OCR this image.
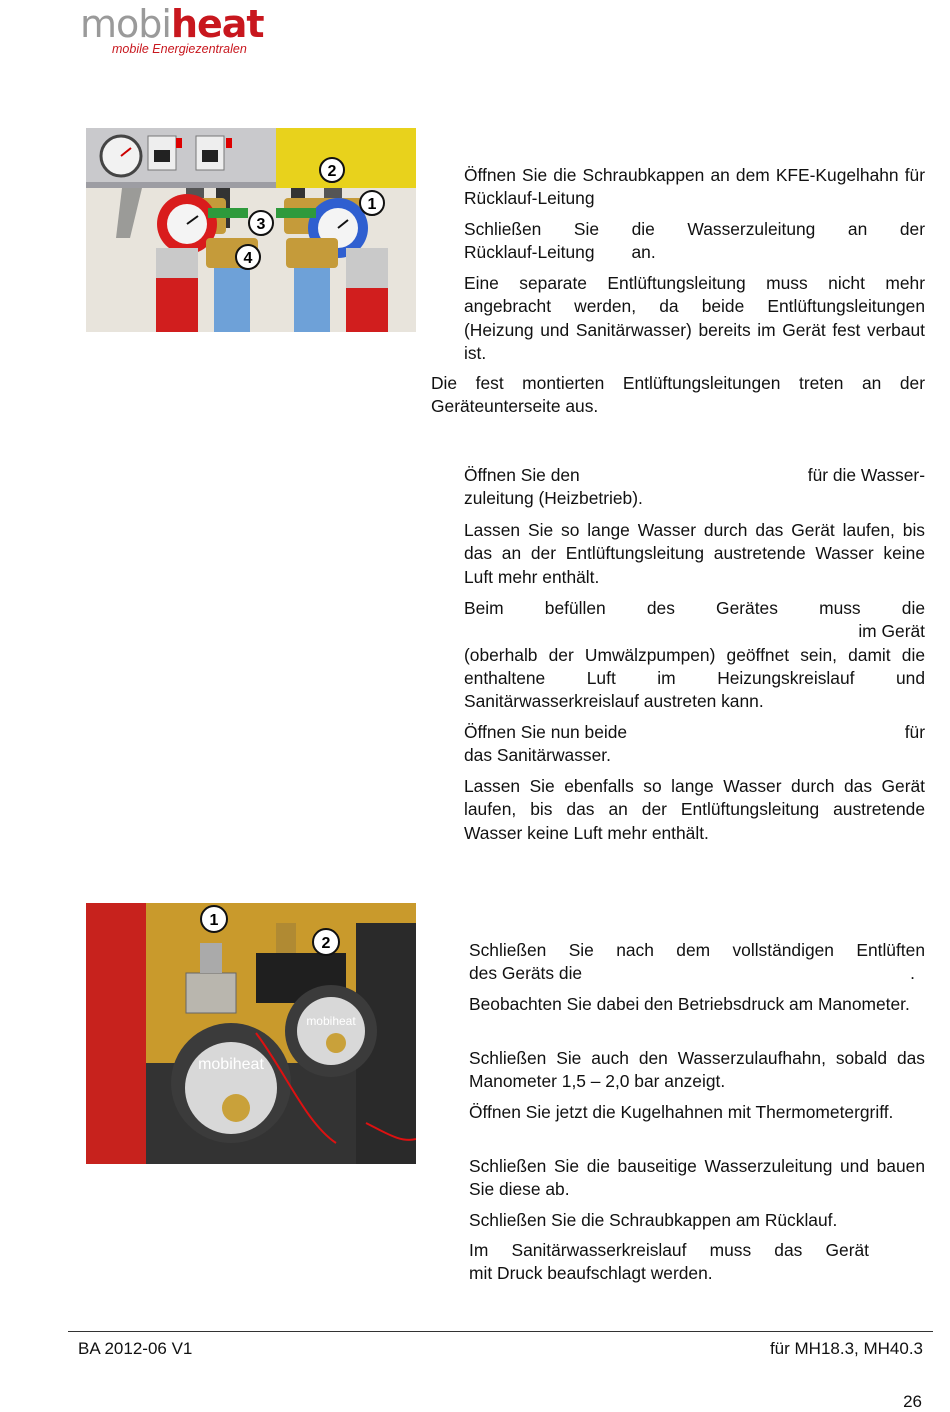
mobiheat
mobile Energiezentralen
2
1
3
4
Öffnen Sie die Schraubkappen an dem KFE-Kugelhahn für Rücklauf-Leitung
Schließen Sie die Wasserzuleitung an der
Rücklauf-Leitung an.
Eine separate Entlüftungsleitung muss nicht mehr angebracht werden, da beide Entlüftungsleitungen (Heizung und Sanitärwasser) bereits im Gerät fest verbaut ist.
Die fest montierten Entlüftungsleitungen treten an der Geräteunterseite aus.
Öffnen Sie den	für die Wasser-
zuleitung (Heizbetrieb).
Lassen Sie so lange Wasser durch das Gerät laufen, bis das an der Entlüftungsleitung austretende Wasser keine Luft mehr enthält.
Beim befüllen des Gerätes muss die
im Gerät
(oberhalb der Umwälzpumpen) geöffnet sein, damit die enthaltene Luft im Heizungskreislauf und Sanitärwasserkreislauf austreten kann.
Öffnen Sie nun beide	für
das Sanitärwasser.
Lassen Sie ebenfalls so lange Wasser durch das Gerät laufen, bis das an der Entlüftungsleitung austretende Wasser keine Luft mehr enthält.
mobiheat
mobiheat
1
2	Schließen Sie nach dem vollständigen Entlüften
des Geräts die	.
Beobachten Sie dabei den Betriebsdruck am Manometer.
Schließen Sie auch den Wasserzulaufhahn, sobald das Manometer 1,5 – 2,0 bar anzeigt.
Öffnen Sie jetzt die Kugelhahnen mit Thermometergriff.
Schließen Sie die bauseitige Wasserzuleitung und bauen Sie diese ab.
Schließen Sie die Schraubkappen am Rücklauf.
Im Sanitärwasserkreislauf muss das Gerät
mit Druck beaufschlagt werden.
BA 2012-06 V1	für MH18.3, MH40.3
26
